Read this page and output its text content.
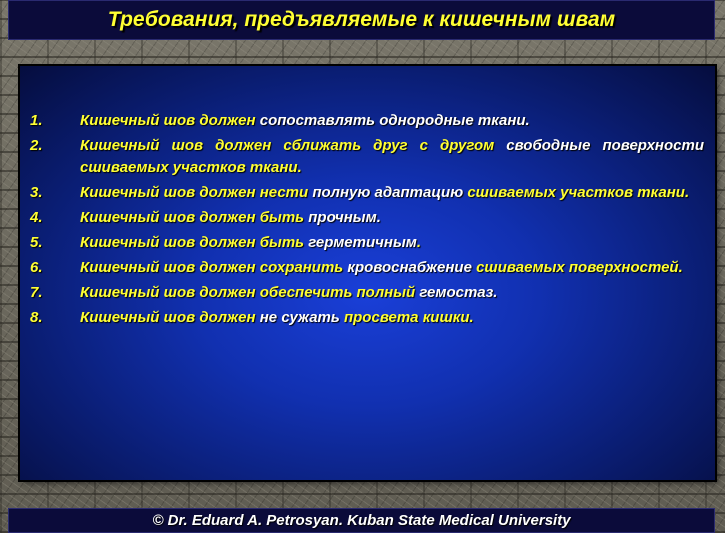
Требования, предъявляемые к кишечным швам
1.	Кишечный шов должен сопоставлять однородные ткани.
2.	Кишечный шов должен сближать друг с другом свободные поверхности сшиваемых участков ткани.
3.	Кишечный шов должен нести полную адаптацию сшиваемых участков ткани.
4.	Кишечный шов должен быть прочным.
5.	Кишечный шов должен быть герметичным.
6.	Кишечный шов должен сохранить кровоснабжение сшиваемых поверхностей.
7.	Кишечный шов должен обеспечить полный гемостаз.
8.	Кишечный шов должен не сужать просвета кишки.
© Dr. Eduard A. Petrosyan. Kuban State Medical University
